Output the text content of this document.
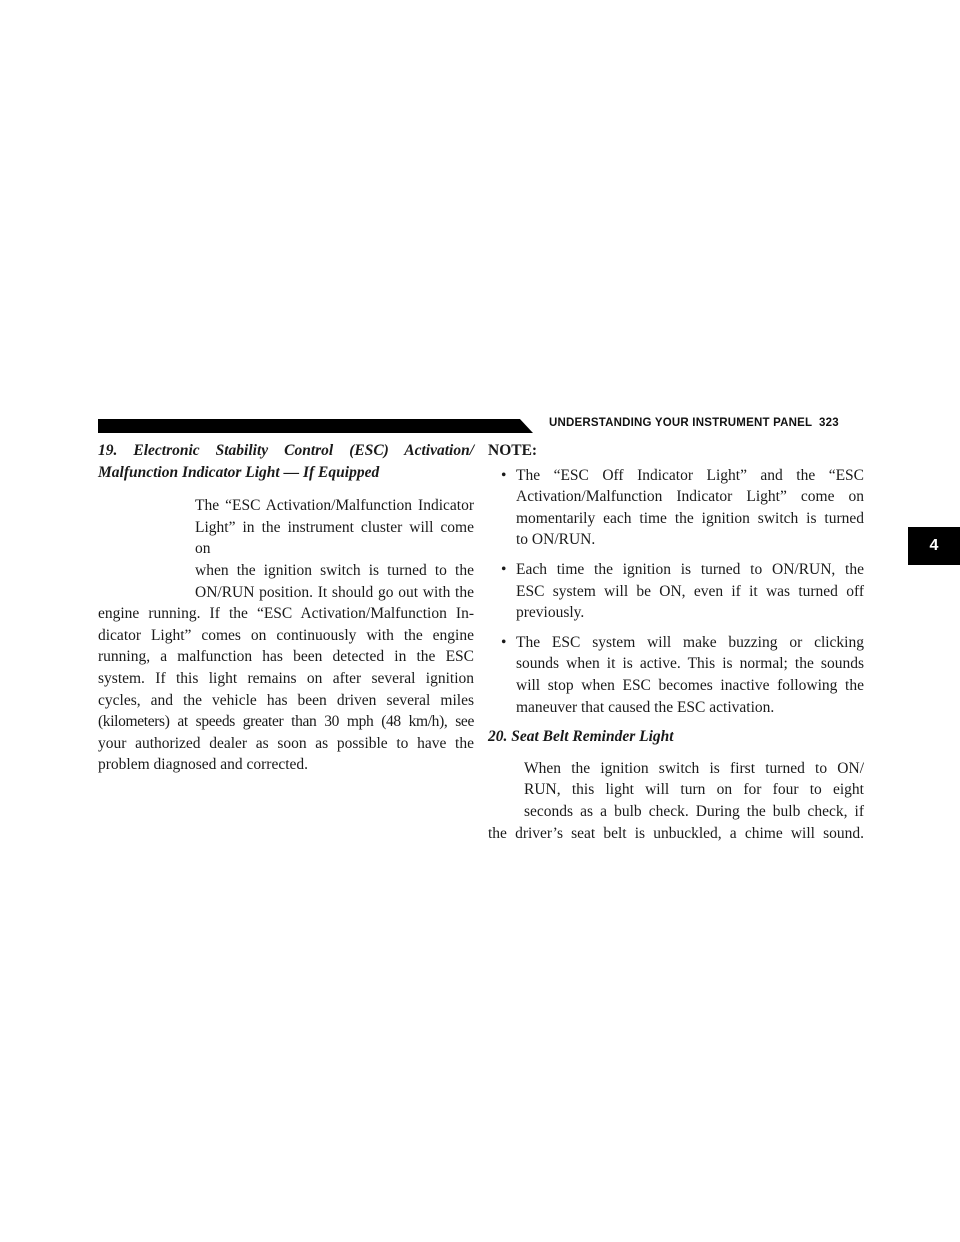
UNDERSTANDING YOUR INSTRUMENT PANEL 323
4

19. Electronic Stability Control (ESC) Activation/
Malfunction Indicator Light — If Equipped

The “ESC Activation/Malfunction Indicator
Light” in the instrument cluster will come on
when the ignition switch is turned to the
ON/RUN position. It should go out with the
engine running. If the “ESC Activation/Malfunction In-
dicator Light” comes on continuously with the engine
running, a malfunction has been detected in the ESC
system. If this light remains on after several ignition
cycles, and the vehicle has been driven several miles
(kilometers) at speeds greater than 30 mph (48 km/h), see
your authorized dealer as soon as possible to have the
problem diagnosed and corrected.

NOTE:

• The “ESC Off Indicator Light” and the “ESC
Activation/Malfunction Indicator Light” come on
momentarily each time the ignition switch is turned
to ON/RUN.
• Each time the ignition is turned to ON/RUN, the
ESC system will be ON, even if it was turned off
previously.
• The ESC system will make buzzing or clicking
sounds when it is active. This is normal; the sounds
will stop when ESC becomes inactive following the
maneuver that caused the ESC activation.

20. Seat Belt Reminder Light

When the ignition switch is first turned to ON/
RUN, this light will turn on for four to eight
seconds as a bulb check. During the bulb check, if
the driver’s seat belt is unbuckled, a chime will sound.
